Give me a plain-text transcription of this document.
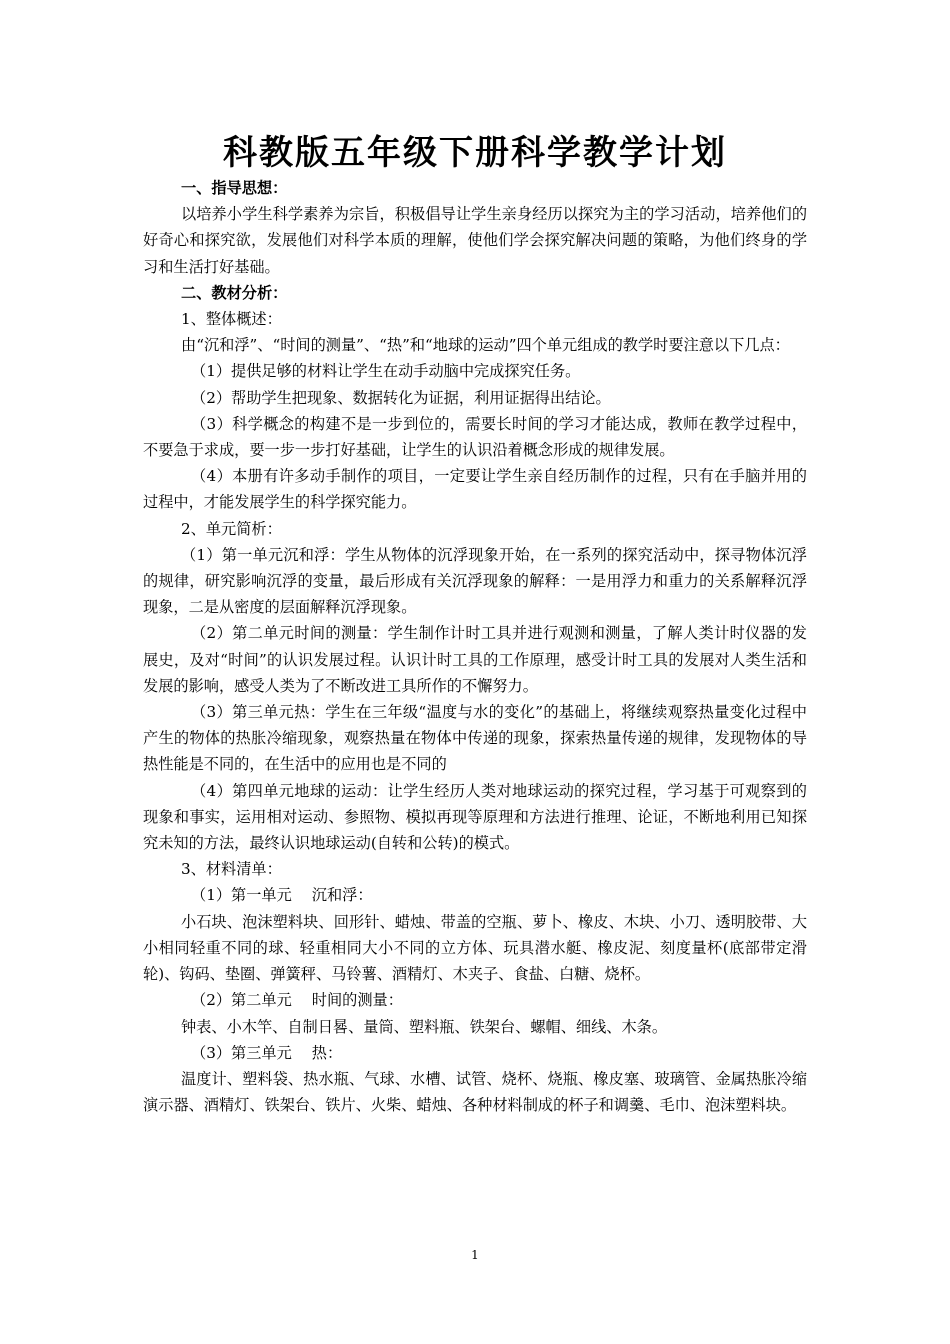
科教版五年级下册科学教学计划

一、指导思想：

以培养小学生科学素养为宗旨，积极倡导让学生亲身经历以探究为主的学习活动，培养他们的好奇心和探究欲，发展他们对科学本质的理解，使他们学会探究解决问题的策略，为他们终身的学习和生活打好基础。

二、教材分析：

1、整体概述：

由“沉和浮”、“时间的测量”、“热”和“地球的运动”四个单元组成的教学时要注意以下几点：

（1）提供足够的材料让学生在动手动脑中完成探究任务。

（2）帮助学生把现象、数据转化为证据，利用证据得出结论。

（3）科学概念的构建不是一步到位的，需要长时间的学习才能达成，教师在教学过程中，不要急于求成，要一步一步打好基础，让学生的认识沿着概念形成的规律发展。

（4）本册有许多动手制作的项目，一定要让学生亲自经历制作的过程，只有在手脑并用的过程中，才能发展学生的科学探究能力。

2、单元简析：

（1）第一单元沉和浮：学生从物体的沉浮现象开始，在一系列的探究活动中，探寻物体沉浮的规律，研究影响沉浮的变量，最后形成有关沉浮现象的解释：一是用浮力和重力的关系解释沉浮现象，二是从密度的层面解释沉浮现象。

（2）第二单元时间的测量：学生制作计时工具并进行观测和测量，了解人类计时仪器的发展史，及对“时间”的认识发展过程。认识计时工具的工作原理，感受计时工具的发展对人类生活和发展的影响，感受人类为了不断改进工具所作的不懈努力。

（3）第三单元热：学生在三年级“温度与水的变化”的基础上，将继续观察热量变化过程中产生的物体的热胀冷缩现象，观察热量在物体中传递的现象，探索热量传递的规律，发现物体的导热性能是不同的，在生活中的应用也是不同的

（4）第四单元地球的运动：让学生经历人类对地球运动的探究过程，学习基于可观察到的现象和事实，运用相对运动、参照物、模拟再现等原理和方法进行推理、论证，不断地利用已知探究未知的方法，最终认识地球运动(自转和公转)的模式。

3、材料清单：

（1）第一单元　 沉和浮：

小石块、泡沫塑料块、回形针、蜡烛、带盖的空瓶、萝卜、橡皮、木块、小刀、透明胶带、大小相同轻重不同的球、轻重相同大小不同的立方体、玩具潜水艇、橡皮泥、刻度量杯(底部带定滑轮)、钩码、垫圈、弹簧秤、马铃薯、酒精灯、木夹子、食盐、白糖、烧杯。

（2）第二单元　 时间的测量：

钟表、小木竿、自制日晷、量筒、塑料瓶、铁架台、螺帽、细线、木条。

（3）第三单元　 热：

温度计、塑料袋、热水瓶、气球、水槽、试管、烧杯、烧瓶、橡皮塞、玻璃管、金属热胀冷缩演示器、酒精灯、铁架台、铁片、火柴、蜡烛、各种材料制成的杯子和调羹、毛巾、泡沫塑料块。

1
